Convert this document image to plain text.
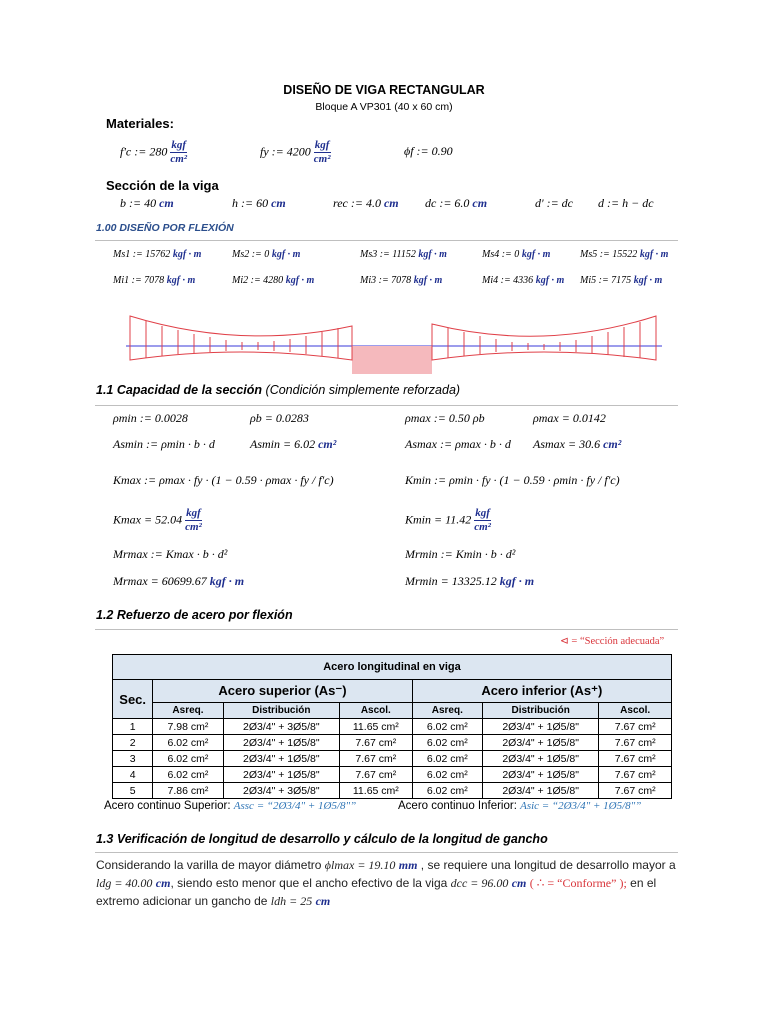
DISEÑO DE VIGA RECTANGULAR
Bloque A VP301 (40 x 60 cm)
Materiales:
f'c := $280 \frac{\text{kgf}}{\text{cm²}}$	fy := $4200 \frac{\text{kgf}}{\text{cm²}}$	ϕf := 0.90
Sección de la viga
b := 40 cm	h := 60 cm	rec := 4.0 cm dc := 6.0 cm	d' := dc d := h − dc
1.00 DISEÑO POR FLEXIÓN
Ms1 := 15762 kgf · m	Ms2 := 0 kgf · m	Ms3 := 11152 kgf · m	Ms4 := 0 kgf · m	Ms5 := 15522 kgf · m
Mi1 := 7078 kgf · m	Mi2 := 4280 kgf · m	Mi3 := 7078 kgf · m	Mi4 := 4336 kgf · m Mi5 := 7175 kgf · m
1.1 Capacidad de la sección (Condición simplemente reforzada)
ρmin := 0.0028	ρb = 0.0283	ρmax := 0.50 ρb	ρmax = 0.0142
Asmin := ρmin · b · d	Asmin = 6.02 cm²	Asmax := ρmax · b · d Asmax = 30.6 cm²
Kmax := ρmax · fy · (1 − 0.59 · ρmax · fy / f'c)	Kmin := ρmin · fy · (1 − 0.59 · ρmin · fy / f'c)
$Kmax = 52.04 \frac{\text{kgf}}{\text{cm²}}$	$Kmin = 11.42 \frac{\text{kgf}}{\text{cm²}}$
Mrmax := Kmax · b · d²	Mrmin := Kmin · b · d²
Mrmax = 60699.67 kgf · m	Mrmin = 13325.12 kgf · m
1.2 Refuerzo de acero por flexión
⊲ = “Sección adecuada”
Acero longitudinal en viga						
Sec.	Acero superior (As⁻)			Acero inferior (As⁺)		
	Asreq.	Distribución	Ascol.	Asreq.	Distribución	Ascol.
1	7.98 cm²	2Ø3/4" + 3Ø5/8"	11.65 cm²	6.02 cm²	2Ø3/4" + 1Ø5/8"	7.67 cm²
2	6.02 cm²	2Ø3/4" + 1Ø5/8"	7.67 cm²	6.02 cm²	2Ø3/4" + 1Ø5/8"	7.67 cm²
3	6.02 cm²	2Ø3/4" + 1Ø5/8"	7.67 cm²	6.02 cm²	2Ø3/4" + 1Ø5/8"	7.67 cm²
4	6.02 cm²	2Ø3/4" + 1Ø5/8"	7.67 cm²	6.02 cm²	2Ø3/4" + 1Ø5/8"	7.67 cm²
5	7.86 cm²	2Ø3/4" + 3Ø5/8"	11.65 cm²	6.02 cm²	2Ø3/4" + 1Ø5/8"	7.67 cm²
Acero continuo Superior: Assc = “2Ø3/4" + 1Ø5/8"”	Acero continuo Inferior: Asic = “2Ø3/4" + 1Ø5/8"”
1.3 Verificación de longitud de desarrollo y cálculo de la longitud de gancho
Considerando la varilla de mayor diámetro ϕlmax = 19.10 mm , se requiere una longitud de desarrollo mayor a
ldg = 40.00 cm, siendo esto menor que el ancho efectivo de la viga dcc = 96.00 cm ( ∴ = “Conforme” ); en el
extremo adicionar un gancho de ldh = 25 cm
